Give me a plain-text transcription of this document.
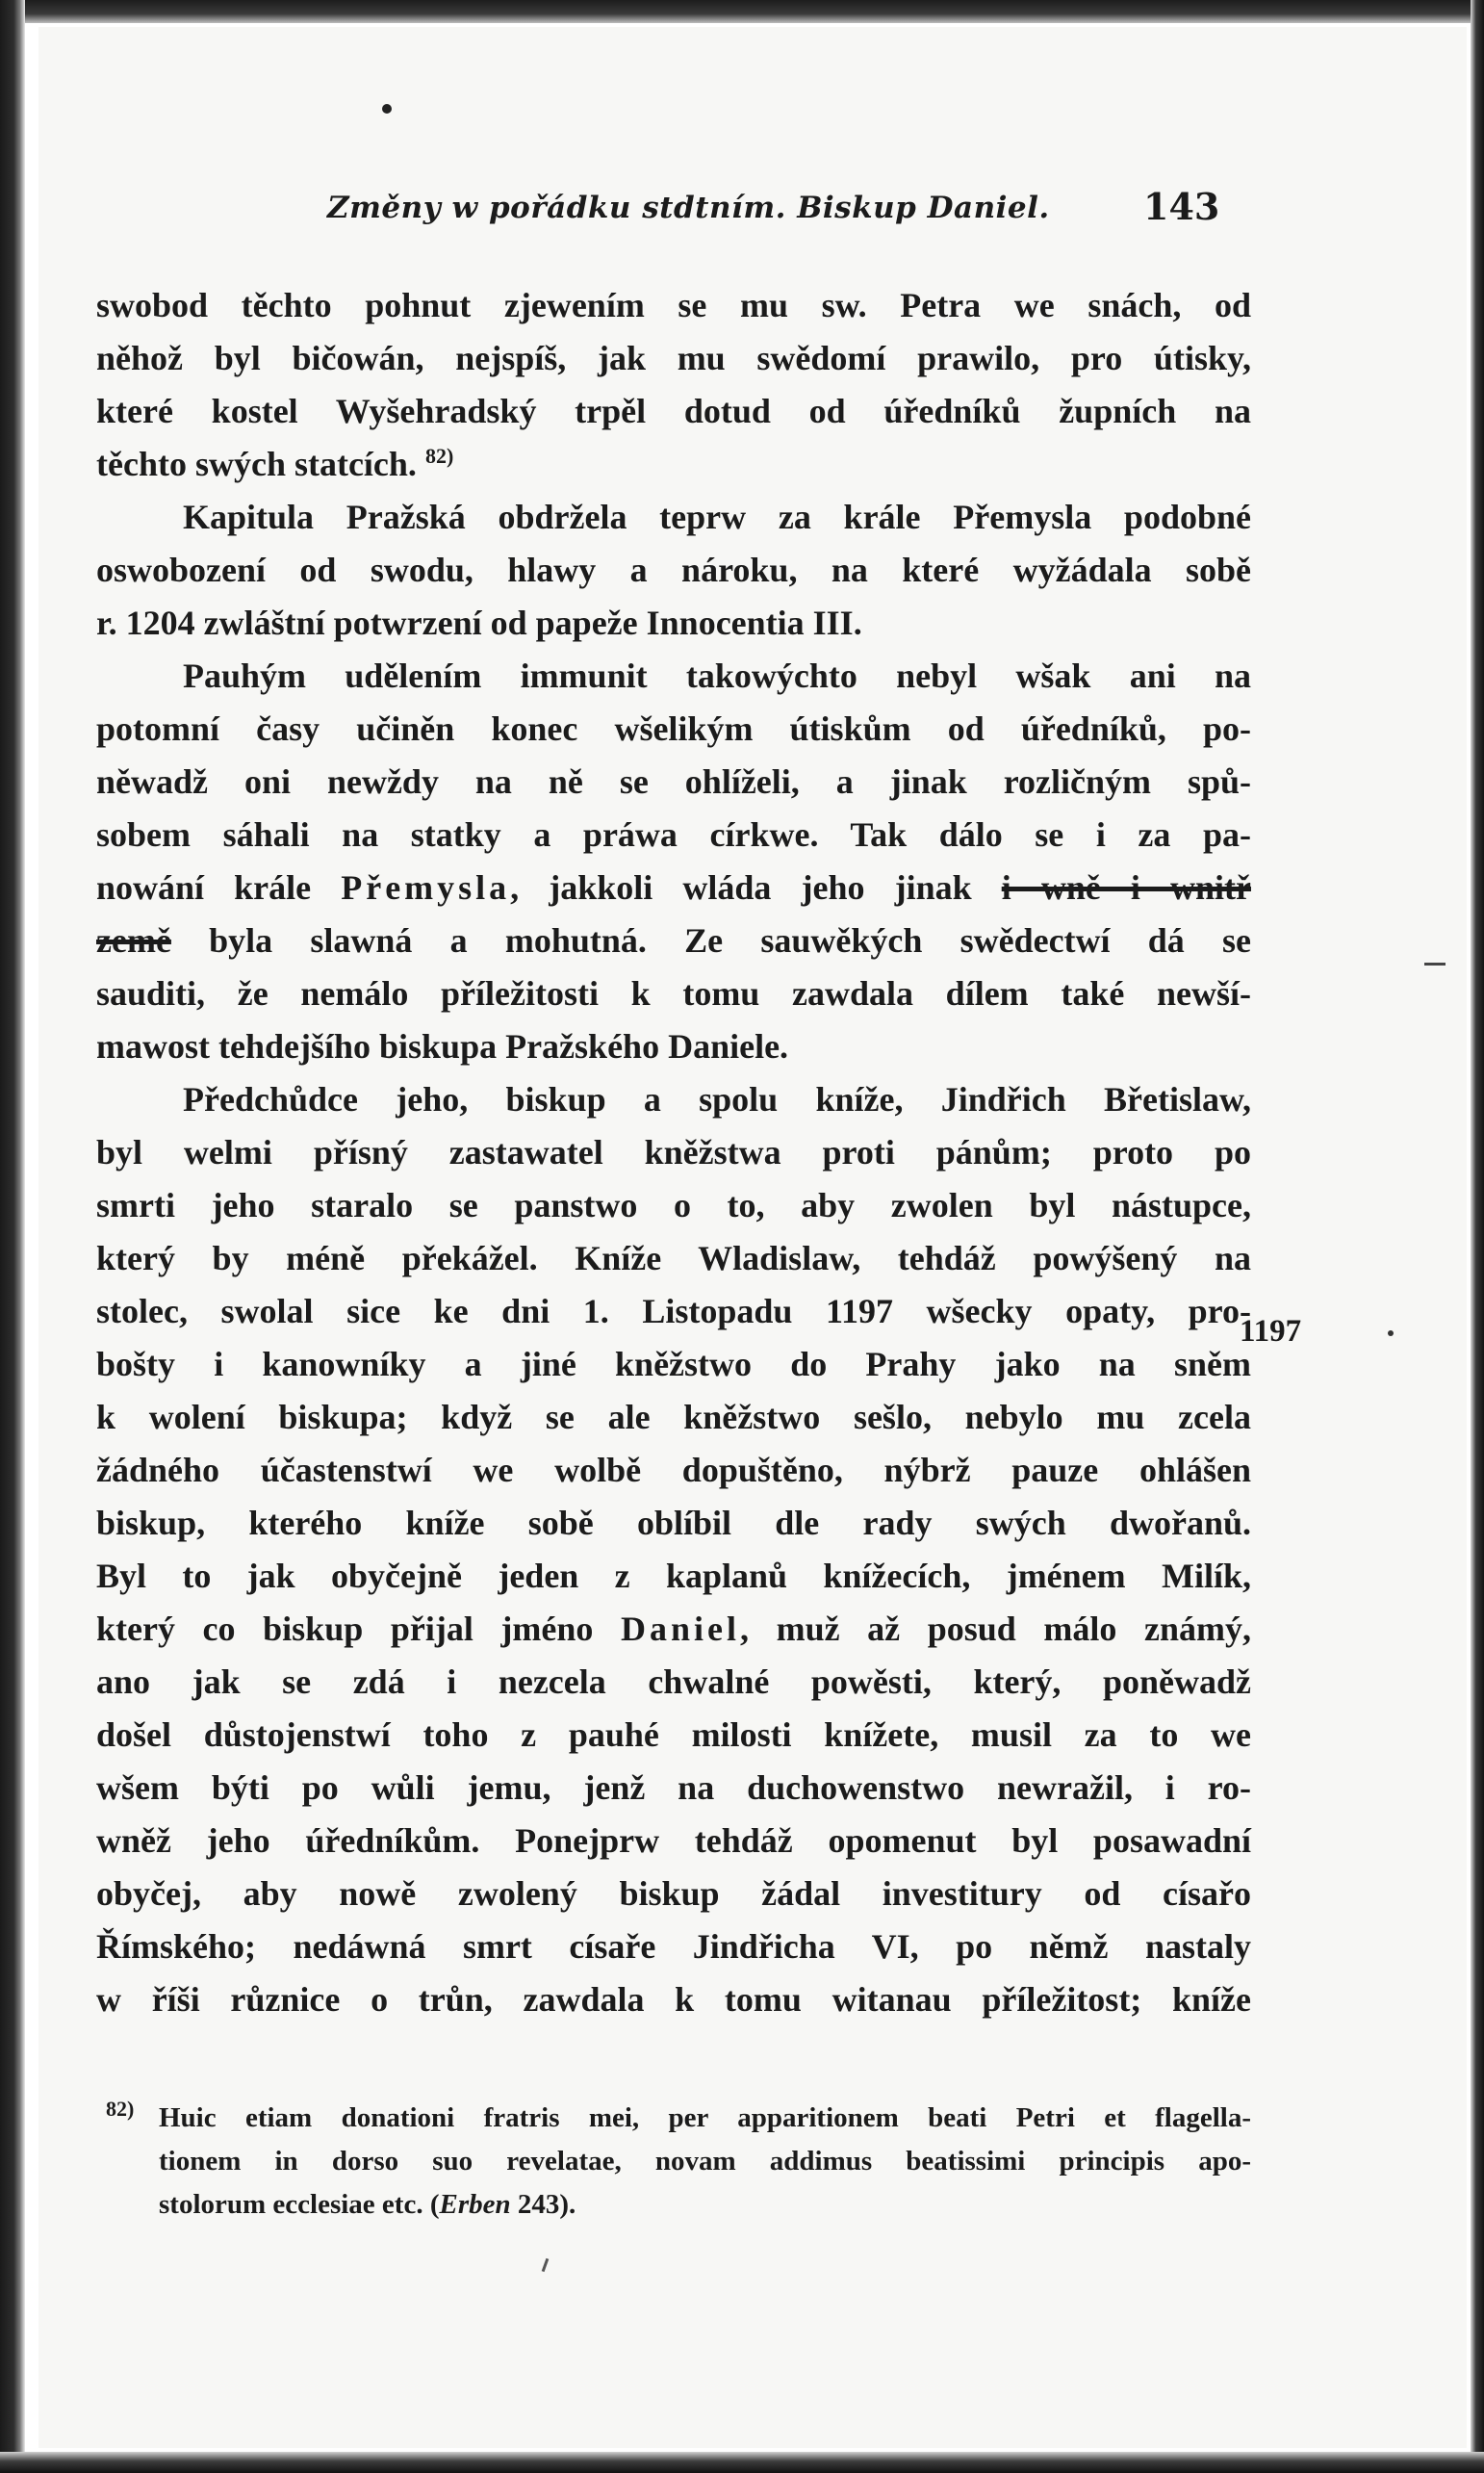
Změny w pořádku stdtním. Biskup Daniel.	143
swobod těchto pohnut zjewením se mu sw. Petra we snách, od
něhož byl bičowán, nejspíš, jak mu swědomí prawilo, pro útisky,
které kostel Wyšehradský trpěl dotud od úředníků župních na
těchto swých statcích. $^{82)}$
Kapitula Pražská obdržela teprw za krále Přemysla podobné
oswobození od swodu, hlawy a nároku, na které wyžádala sobě
r. 1204 zwláštní potwrzení od papeže Innocentia III.
Pauhým udělením immunit takowýchto nebyl wšak ani na
potomní časy učiněn konec wšelikým útiskům od úředníků, po-
něwadž oni newždy na ně se ohlíželi, a jinak rozličným spů-
sobem sáhali na statky a práwa církwe. Tak dálo se i za pa-
nowání krále Přemysla, jakkoli wláda jeho jinak i wně i wnitř
země byla slawná a mohutná. Ze sauwěkých swědectwí dá se
sauditi, že nemálo příležitosti k tomu zawdala dílem také newší-
mawost tehdejšího biskupa Pražského Daniele.
Předchůdce jeho, biskup a spolu kníže, Jindřich Břetislaw,
byl welmi přísný zastawatel kněžstwa proti pánům; proto po
smrti jeho staralo se panstwo o to, aby zwolen byl nástupce,
který by méně překážel. Kníže Wladislaw, tehdáž powýšený na
stolec, swolal sice ke dni 1. Listopadu 1197 wšecky opaty, pro-
bošty i kanowníky a jiné kněžstwo do Prahy jako na sněm
k wolení biskupa; když se ale kněžstwo sešlo, nebylo mu zcela
žádného účastenstwí we wolbě dopuštěno, nýbrž pauze ohlášen
biskup, kterého kníže sobě oblíbil dle rady swých dwořanů.
Byl to jak obyčejně jeden z kaplanů knížecích, jménem Milík,
který co biskup přijal jméno Daniel, muž až posud málo známý,
ano jak se zdá i nezcela chwalné powěsti, který, poněwadž
došel důstojenstwí toho z pauhé milosti knížete, musil za to we
wšem býti po wůli jemu, jenž na duchowenstwo newražil, i ro-
wněž jeho úředníkům. Ponejprw tehdáž opomenut byl posawadní
obyčej, aby nowě zwolený biskup žádal investitury od císařo
Římského; nedáwná smrt císaře Jindřicha VI, po němž nastaly
w říši různice o trůn, zawdala k tomu witanau příležitost; kníže
1197
82) Huic etiam donationi fratris mei, per apparitionem beati Petri et flagella-
tionem in dorso suo revelatae, novam addimus beatissimi principis apo-
stolorum ecclesiae etc. (Erben 243).
